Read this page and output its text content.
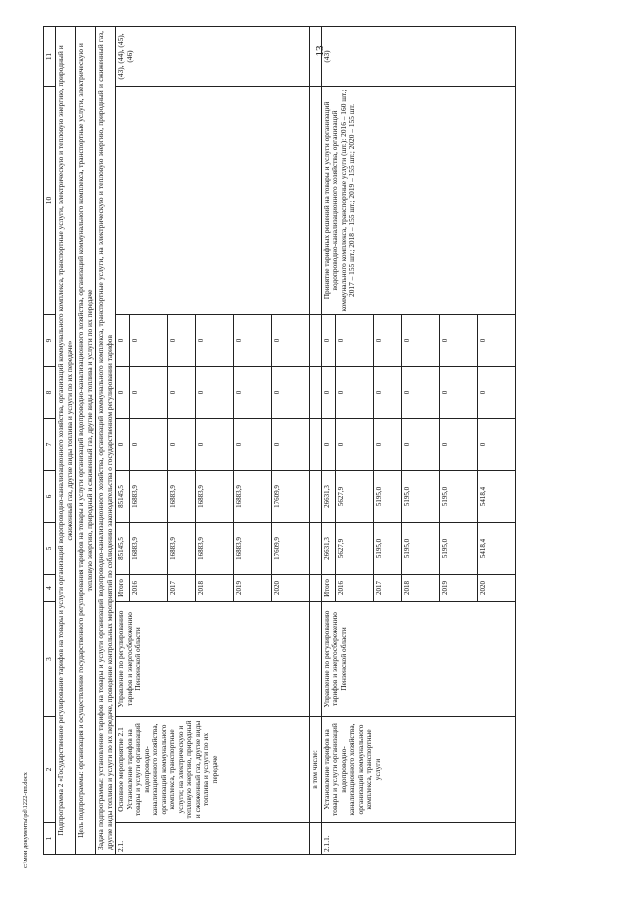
13
1	2	3	4	5	6	7	8	9	10	11
Подпрограмма 2 «Государственное регулирование тарифов на товары и услуги организаций водопроводно-канализационного хозяйства, организаций коммунального комплекса, транспортные услуги, электрическую и тепловую энергию, природный и сжиженный газ, другие виды топлива и услуги по их передаче»										
Цель подпрограммы: организация и осуществление государственного регулирования тарифов на товары и услуги организаций водопроводно-канализационного хозяйства, организаций коммунального комплекса, транспортные услуги, электрическую и тепловую энергию, природный и сжиженный газ, другие виды топлива и услуги по их передаче										
Задача подпрограммы: установление тарифов на товары и услуги организаций водопроводно-канализационного хозяйства, организаций коммунального комплекса, транспортные услуги, на электрическую и тепловую энергию, природный и сжиженный газ, другие виды топлива и услуги по их передаче, проведение контрольных мероприятий по соблюдению законодательства о государственном регулировании тарифов										
2.1.	Основное мероприятие 2.1 Установление тарифов на товары и услуги организаций водопроводно-канализационного хозяйства, организаций коммунального комплекса, транспортные услуги; на электрическую и тепловую энергию, природный и сжиженный газ, другие виды топлива и услуги по их передаче	Управление по регулированию тарифов и энергосбережению Пензенской области	Итого	85145,5	85145,5	0	0	0		(43), (44), (45), (46)
			2016	16883,9	16883,9	0	0	0		
			2017	16883,9	16883,9	0	0	0		
			2018	16883,9	16883,9	0	0	0		
			2019	16883,9	16883,9	0	0	0		
			2020	17609,9	17609,9	0	0	0		
	в том числе:									
2.1.1.	Установление тарифов на товары и услуги организаций водопроводно-канализационного хозяйства, организаций коммунального комплекса, транспортные услуги	Управление по регулированию тарифов и энергосбережению Пензенской области	Итого	26631,3	26631,3	0	0	0	Принятие тарифных решений на товары и услуги организаций водопроводно-канализационного хозяйства, организаций коммунального комплекса, транспортные услуги (шт.): 2016 – 160 шт.; 2017 – 155 шт.; 2018 – 155 шт.; 2019 – 155 шт.; 2020 – 155 шт.	(43)
			2016	5627,9	5627,9	0	0	0		
			2017	5195,0	5195,0	0	0	0		
			2018	5195,0	5195,0	0	0	0		
			2019	5195,0	5195,0	0	0	0		
			2020	5418,4	5418,4	0	0	0		
c:\мои документы\pd\1222-пп.docx
